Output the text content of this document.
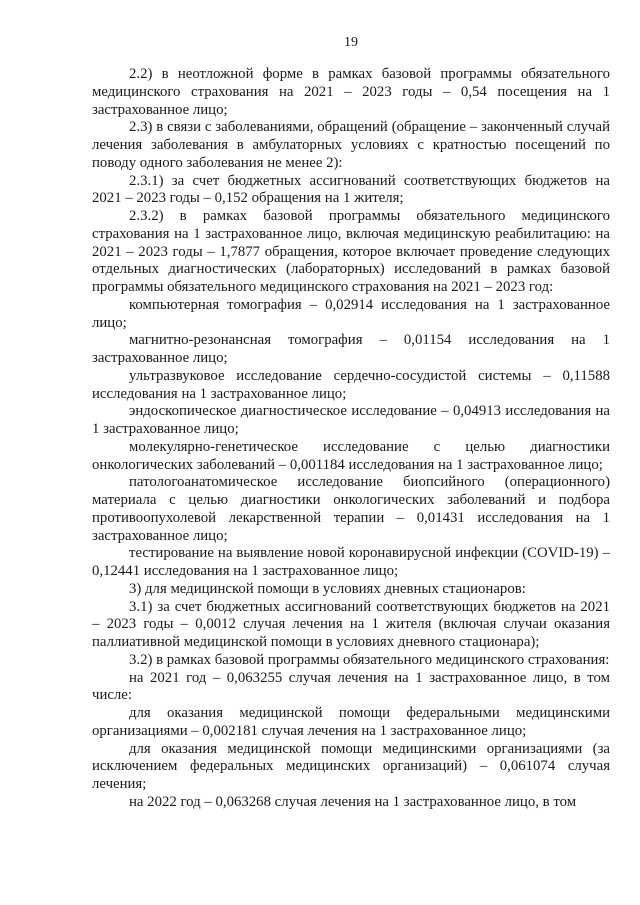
19

2.2) в неотложной форме в рамках базовой программы обязательного медицинского страхования на 2021 – 2023 годы – 0,54 посещения на 1 застрахованное лицо;

2.3) в связи с заболеваниями, обращений (обращение – законченный случай лечения заболевания в амбулаторных условиях с кратностью посещений по поводу одного заболевания не менее 2):

2.3.1) за счет бюджетных ассигнований соответствующих бюджетов на 2021 – 2023 годы – 0,152 обращения на 1 жителя;

2.3.2) в рамках базовой программы обязательного медицинского страхования на 1 застрахованное лицо, включая медицинскую реабилитацию: на 2021 – 2023 годы – 1,7877 обращения, которое включает проведение следующих отдельных диагностических (лабораторных) исследований в рамках базовой программы обязательного медицинского страхования на 2021 – 2023 год:

компьютерная томография – 0,02914 исследования на 1 застрахованное лицо;

магнитно-резонансная томография – 0,01154 исследования на 1 застрахованное лицо;

ультразвуковое исследование сердечно-сосудистой системы – 0,11588 исследования на 1 застрахованное лицо;

эндоскопическое диагностическое исследование – 0,04913 исследования на 1 застрахованное лицо;

молекулярно-генетическое исследование с целью диагностики онкологических заболеваний – 0,001184 исследования на 1 застрахованное лицо;

патологоанатомическое исследование биопсийного (операционного) материала с целью диагностики онкологических заболеваний и подбора противоопухолевой лекарственной терапии – 0,01431 исследования на 1 застрахованное лицо;

тестирование на выявление новой коронавирусной инфекции (COVID-19) – 0,12441 исследования на 1 застрахованное лицо;

3) для медицинской помощи в условиях дневных стационаров:

3.1) за счет бюджетных ассигнований соответствующих бюджетов на 2021 – 2023 годы – 0,0012 случая лечения на 1 жителя (включая случаи оказания паллиативной медицинской помощи в условиях дневного стационара);

3.2) в рамках базовой программы обязательного медицинского страхования:

на 2021 год – 0,063255 случая лечения на 1 застрахованное лицо, в том числе:

для оказания медицинской помощи федеральными медицинскими организациями – 0,002181 случая лечения на 1 застрахованное лицо;

для оказания медицинской помощи медицинскими организациями (за исключением федеральных медицинских организаций) – 0,061074 случая лечения;

на 2022 год – 0,063268 случая лечения на 1 застрахованное лицо, в том
